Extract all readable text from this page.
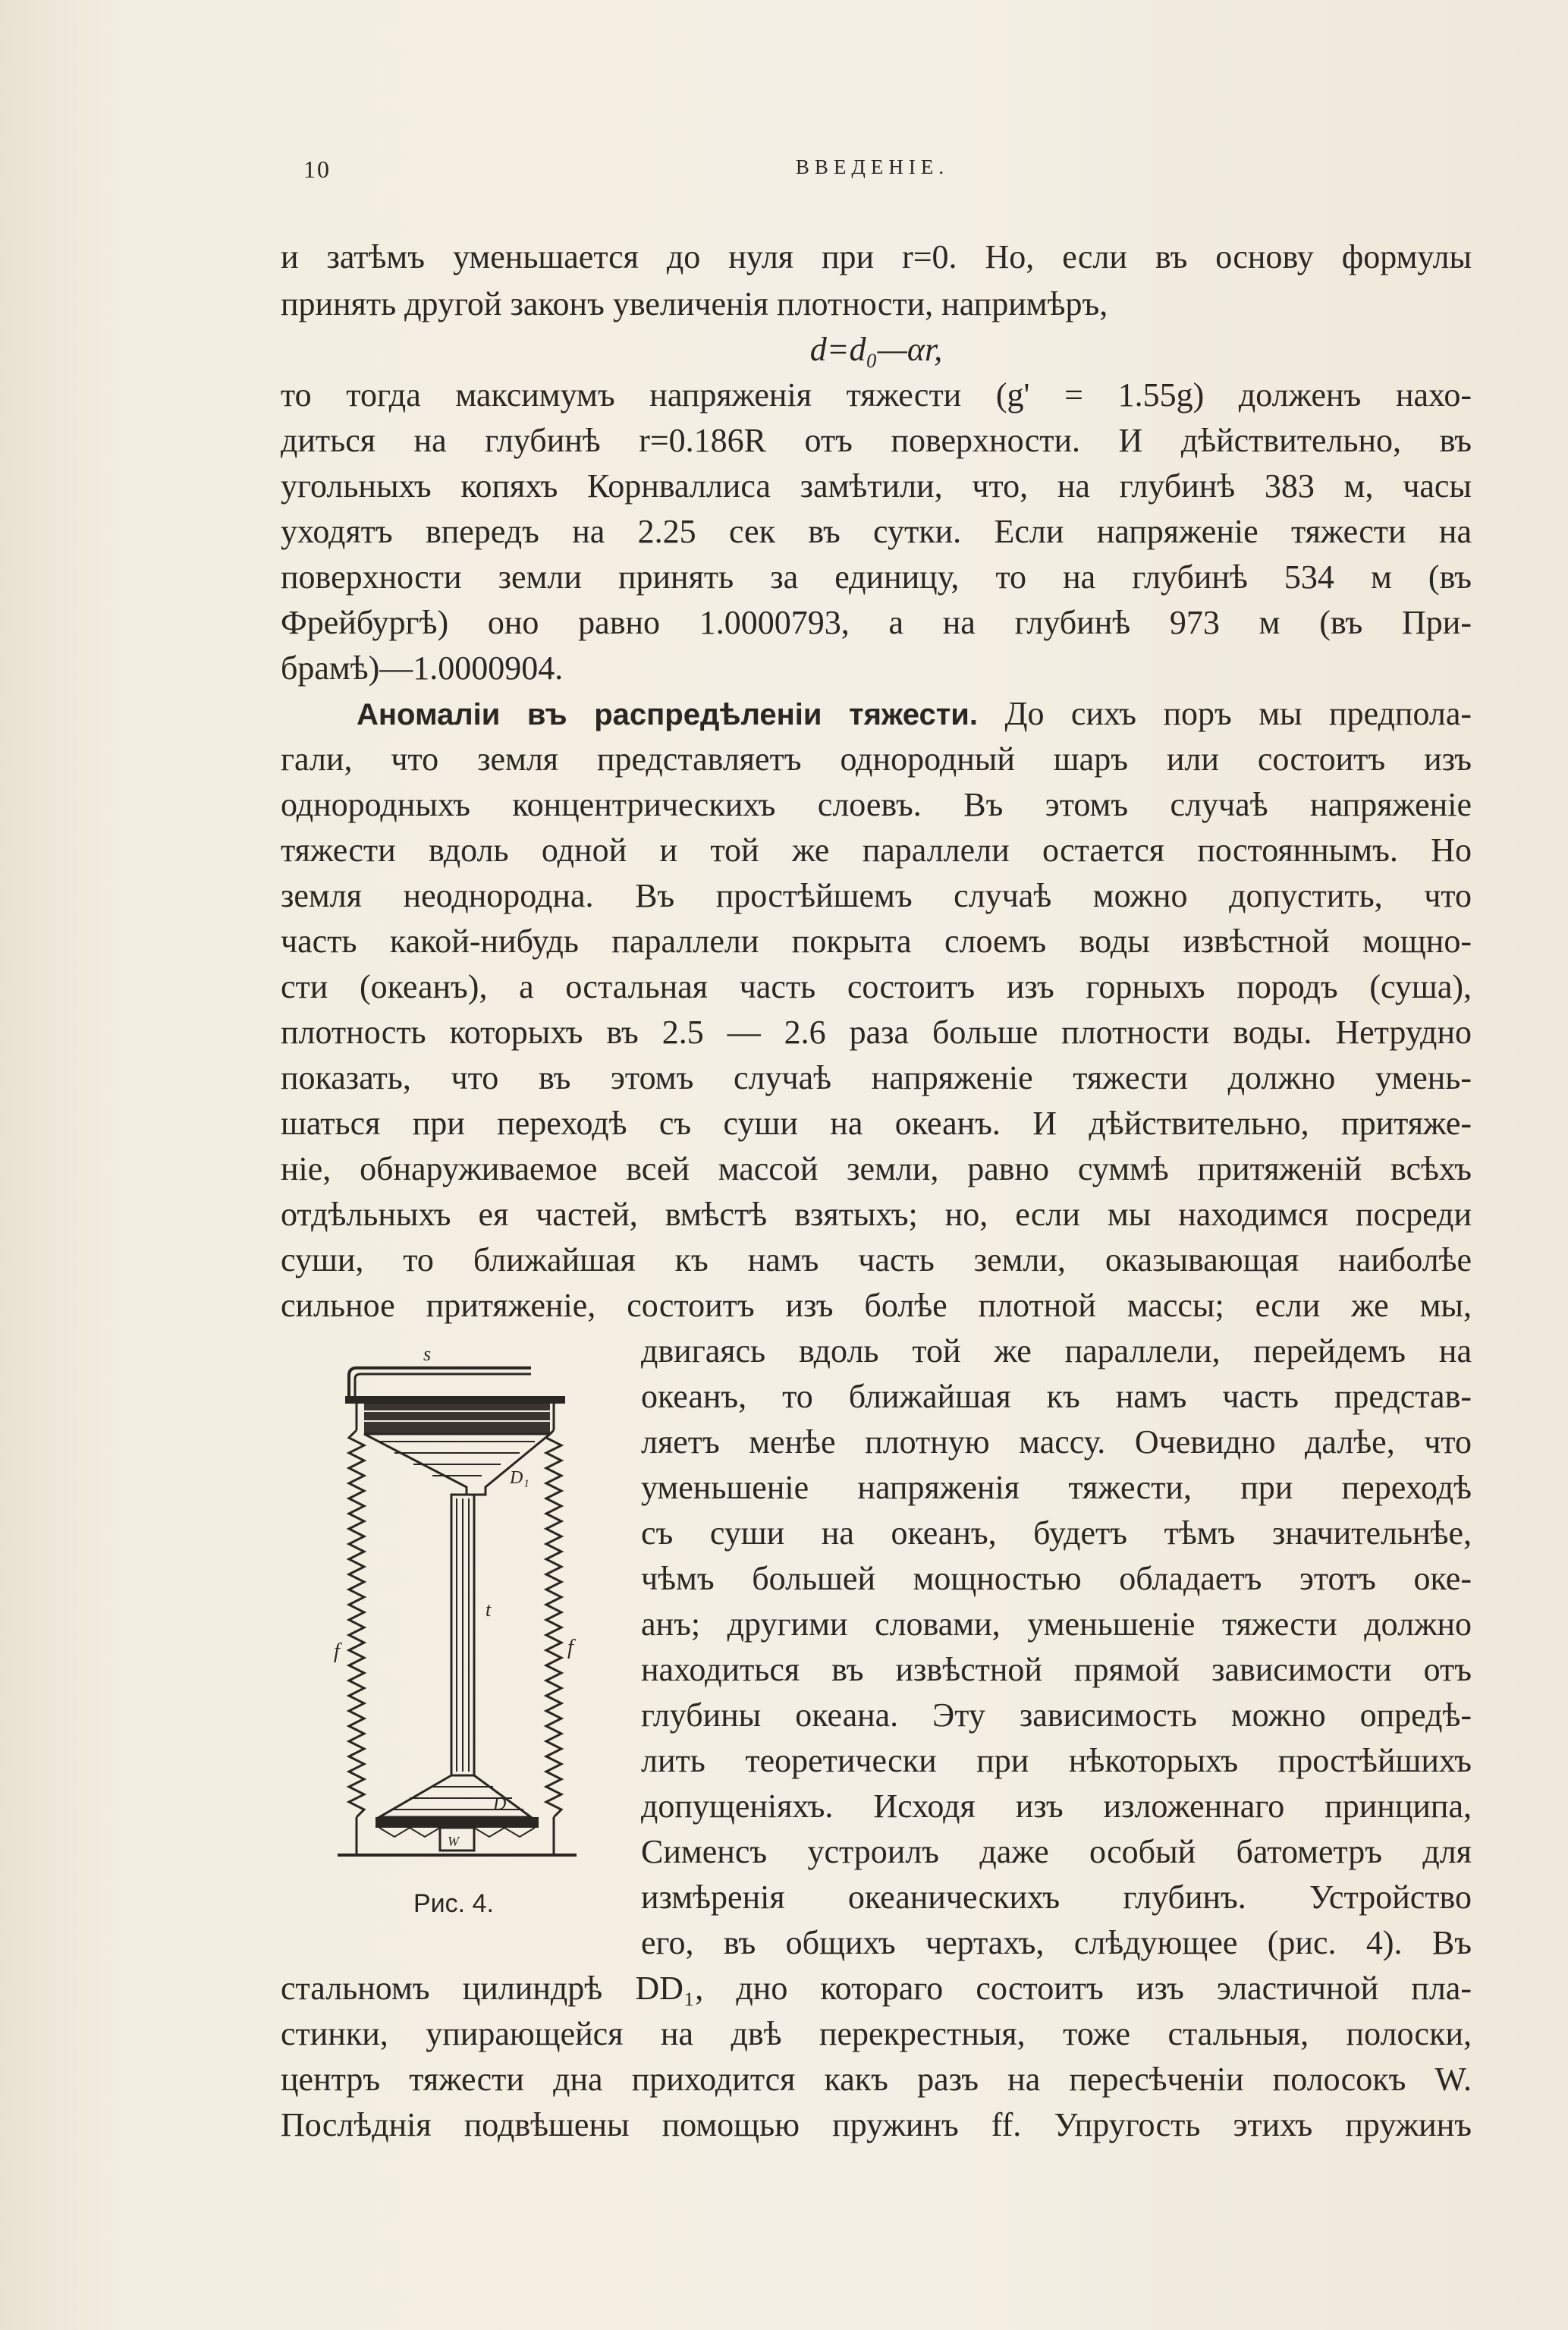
10	ВВЕДЕНIЕ.
и затѣмъ уменьшается до нуля при r=0. Но, если въ основу формулы
принять другой законъ увеличенія плотности, напримѣръ,
d=d₀—αr,
то тогда максимумъ напряженія тяжести (g' = 1.55g) долженъ нахо-
диться на глубинѣ r=0.186R отъ поверхности. И дѣйствительно, въ
угольныхъ копяхъ Корнваллиса замѣтили, что, на глубинѣ 383 м, часы
уходятъ впередъ на 2.25 сек въ сутки. Если напряженіе тяжести на
поверхности земли принять за единицу, то на глубинѣ 534 м (въ
Фрейбургѣ) оно равно 1.0000793, а на глубинѣ 973 м (въ При-
брамѣ)—1.0000904.
Аномаліи въ распредѣленіи тяжести. До сихъ поръ мы предпола-
гали, что земля представляетъ однородный шаръ или состоитъ изъ
однородныхъ концентрическихъ слоевъ. Въ этомъ случаѣ напряженіе
тяжести вдоль одной и той же параллели остается постояннымъ. Но
земля неоднородна. Въ простѣйшемъ случаѣ можно допустить, что
часть какой-нибудь параллели покрыта слоемъ воды извѣстной мощно-
сти (океанъ), а остальная часть состоитъ изъ горныхъ породъ (суша),
плотность которыхъ въ 2.5 — 2.6 раза больше плотности воды. Нетрудно
показать, что въ этомъ случаѣ напряженіе тяжести должно умень-
шаться при переходѣ съ суши на океанъ. И дѣйствительно, притяже-
ніе, обнаруживаемое всей массой земли, равно суммѣ притяженій всѣхъ
отдѣльныхъ ея частей, вмѣстѣ взятыхъ; но, если мы находимся посреди
суши, то ближайшая къ намъ часть земли, оказывающая наиболѣе
сильное притяженіе, состоитъ изъ болѣе плотной массы; если же мы,
двигаясь вдоль той же параллели, перейдемъ на
океанъ, то ближайшая къ намъ часть представ-
ляетъ менѣе плотную массу. Очевидно далѣе, что
уменьшеніе напряженія тяжести, при переходѣ
съ суши на океанъ, будетъ тѣмъ значительнѣе,
чѣмъ большей мощностью обладаетъ этотъ оке-
анъ; другими словами, уменьшеніе тяжести должно
находиться въ извѣстной прямой зависимости отъ
глубины океана. Эту зависимость можно опредѣ-
лить теоретически при нѣкоторыхъ простѣйшихъ
допущеніяхъ. Исходя изъ изложеннаго принципа,
Сименсъ устроилъ даже особый батометръ для
измѣренія океаническихъ глубинъ. Устройство
его, въ общихъ чертахъ, слѣдующее (рис. 4). Въ
стальномъ цилиндрѣ DD₁, дно котораго состоитъ изъ эластичной пла-
стинки, упирающейся на двѣ перекрестныя, тоже стальныя, полоски,
центръ тяжести дна приходится какъ разъ на пересѣченіи полосокъ W.
Послѣднія подвѣшены помощью пружинъ ff. Упругость этихъ пружинъ
s
D₁
t
f	f
D
W
Рис. 4.
